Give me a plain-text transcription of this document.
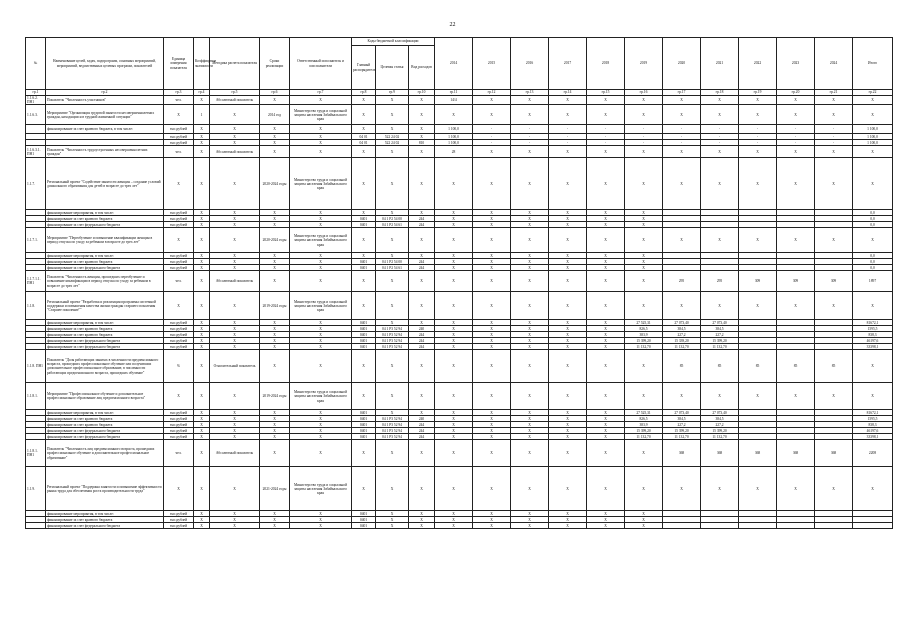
22
№	Наименование целей, задач, подпрограмм, основных мероприятий, мероприятий, ведомственных целевых программ, показателей	Единица измерения показателя	Коэффициент значимости	Методика расчета показателя	Сроки реализации	Ответственный исполнитель и соисполнители	Коды бюджетной классификации			2014	2015	2016	2017	2018	2019	2020	2021	2022	2023	2024	Итого
							Главный распорядитель	Целевая статья	Вид расходов												
гр.1	гр.2	гр.3	гр.4	гр.5	гр.6	гр.7	гр.8	гр.9	гр.10	гр.11	гр.12	гр.13	гр.14	гр.15	гр.16	гр.17	гр.18	гр.19	гр.20	гр.21	гр.22
1.1.6.2. ПН1	Показатель "Численность участников"	чел.	X	Абсолютный показатель	X	X	X	X	X	14/4	X	X	X	X	X	X	X	X	X	X	X
1.1.6.3.	Мероприятие "Организация грудовой занятости несовершеннолетних граждан, находящихся в трудной жизненной ситуации"	X	1	X	2014 год	Министерство труда и социальной защиты населения Забайкальского края	X	X	X	X	X	X	X	X	X	X	X	X	X	X	X
	финансирование за счет краевого бюджета, в том числе:	тыс.рублей	X	X	X	X	X	X	X	1 100,0	-	-	-	-	-	-	-	-	-	-	1 100,0
		тыс.рублей	X	X	X	X	04 01	522 24 02	X	1 100,0	-	-	-	-	-	-	-	-	-	-	1 100,0
		тыс.рублей	X	X	X	X	04 01	522 24 02	810	1 100,0	-	-	-	-	-	-	-	-	-	-	1 100,0
1.1.6.3.1. ПН1	Показатель "Численность трудоустроенных несовершеннолетних граждан"	чел.	X	Абсолютный показатель	X	X	X	X	X	28	X	X	X	X	X	X	X	X	X	X	X
1.1.7.	Региональный проект "Содействие занятости женщин – создание условий дошкольного образования для детей в возрасте до трех лет"	X	X	X	2020-2024 годы	Министерство труда и социальной защиты населения Забайкальского края	X	X	X	X	X	X	X	X	X	X	X	X	X	X	X
	финансирование мероприятия, в том числе:	тыс.рублей	X	X	X	X	X	X	X	X	X	X	X	X	X						0,0
	финансирование за счет краевого бюджета	тыс.рублей	X	X	X	X	0401	04 1 P2 54 00	244	X	X	X	X	X	X						0,0
	финансирование за счет федерального бюджета	тыс.рублей	X	X	X	X	0401	04 1 P2 54 61	244	X	X	X	X	X	X						0,0
1.1.7.1.	Мероприятие "Переобучение и повышение квалификации женщин в период отпуска по уходу за ребенком в возрасте до трех лет"	X	X	X	2020-2024 годы	Министерство труда и социальной защиты населения Забайкальского края	X	X	X	X	X	X	X	X	X	X	X	X	X	X	X
	финансирование мероприятия, в том числе:	тыс.рублей	X	X	X	X	X	X	X	X	X	X	X	X	X						0,0
	финансирование за счет краевого бюджета	тыс.рублей	X	X	X	X	0401	04 1 P2 54 00	244	X	X	X	X	X	X						0,0
	финансирование за счет федерального бюджета	тыс.рублей	X	X	X	X	0401	04 1 P2 54 61	244	X	X	X	X	X	X						0,0
1.1.7.1.1. ПН1	Показатель "Численность женщин, прошедших переобучение и повышение квалификации в период отпуска по уходу за ребенком в возрасте до трех лет"	чел.	X	Абсолютный показатель	X	X	X	X	X	X	X	X	X	X	X	295	295	309	309	309	1897
1.1.8.	Региональный проект "Разработка и реализация программы системной поддержки и повышения качества жизни граждан старшего поколения "Старшее поколение""	X	X	X	2019-2024 годы	Министерство труда и социальной защиты населения Забайкальского края	X	X	X	X	X	X	X	X	X	X	X	X	X	X	X
	финансирование мероприятия, в том числе:	тыс.рублей	X	X	X	X	0401	X	X	X	X	X	X	X	27 525,31	27 073,40	27 073,40				81672,1
	финансирование за счет краевого бюджета	тыс.рублей	X	X	X	X	0401	04 1 P3 52 94	240	X	X	X	X	X	826,5	384,5	384,5				1595,5
	финансирование за счет краевого бюджета	тыс.рублей	X	X	X	X	0401	04 1 P3 52 94	244	X	X	X	X	X	383,9	227,2	227,2				838,3
	финансирование за счет федерального бюджета	тыс.рублей	X	X	X	X	0401	04 1 P3 52 94	244	X	X	X	X	X	15 399,20	15 339,20	15 399,20				46197,6
	финансирование за счет федерального бюджета	тыс.рублей	X	X	X	X	0401	04 1 P3 52 94	244	X	X	X	X	X	11 132,70	11 132,70	11 132,70				33398,1
1.1.8. ПН1	Показатель "Доля работающих занятых в численности предпенсионного возраста, прошедших профессиональное обучение или получивших дополнительное профессиональное образование, в численности работающих предпенсионного возраста, прошедших обучение"	%	X	Относительный показатель	X	X	X	X	X	X	X	X	X	X	X	85	85	85	85	85	X
1.1.8.1.	Мероприятие "Профессиональное обучение и дополнительное профессиональное образование лиц предпенсионного возраста"	X	X	X	2019-2024 годы	Министерство труда и социальной защиты населения Забайкальского края	X	X	X	X	X	X	X	X	X	X	X	X	X	X	X
	финансирование мероприятия, в том числе:	тыс.рублей	X	X	X	X	0401	X	X	X	X	X	X	X	27 525,31	27 073,40	27 073,40				81672,1
	финансирование за счет краевого бюджета	тыс.рублей	X	X	X	X	0401	04 1 P3 52 94	240	X	X	X	X	X	826,5	384,5	384,5				1595,5
	финансирование за счет краевого бюджета	тыс.рублей	X	X	X	X	0401	04 1 P3 52 94	244	X	X	X	X	X	383,9	227,2	227,2				838,3
	финансирование за счет федерального бюджета	тыс.рублей	X	X	X	X	0401	04 1 P3 52 94	244	X	X	X	X	X	15 399,20	15 399,20	15 399,20				46197,6
	финансирование за счет федерального бюджета	тыс.рублей	X	X	X	X	0401	04 1 P3 52 94	244	X	X	X	X	X	11 132,70	11 132,70	11 132,70				33398,1
1.1.8.1. ПН1	Показатель "Численность лиц предпенсионного возраста, прошедших профессиональное обучение и дополнительное профессиональное образование"	чел.	X	Абсолютный показатель	X	X	X	X	X	X	X	X	X	X	X	368	368	368	368	368	2208
1.1.9.	Региональный проект "Поддержка занятости и повышение эффективности рынка труда для обеспечения роста производительности труда"	X	X	X	2021-2024 годы	Министерство труда и социальной защиты населения Забайкальского края	X	X	X	X	X	X	X	X	X	X	X	X	X	X	X
	финансирование мероприятия, в том числе:	тыс.рублей	X	X	X	X	0401	X	X	X	X	X	X	X	X						
	финансирование за счет краевого бюджета	тыс.рублей	X	X	X	X	0401	X	X	X	X	X	X	X	X						
	финансирование за счет федерального бюджета	тыс.рублей	X	X	X	X	0401	X	X	X	X	X	X	X	X						
